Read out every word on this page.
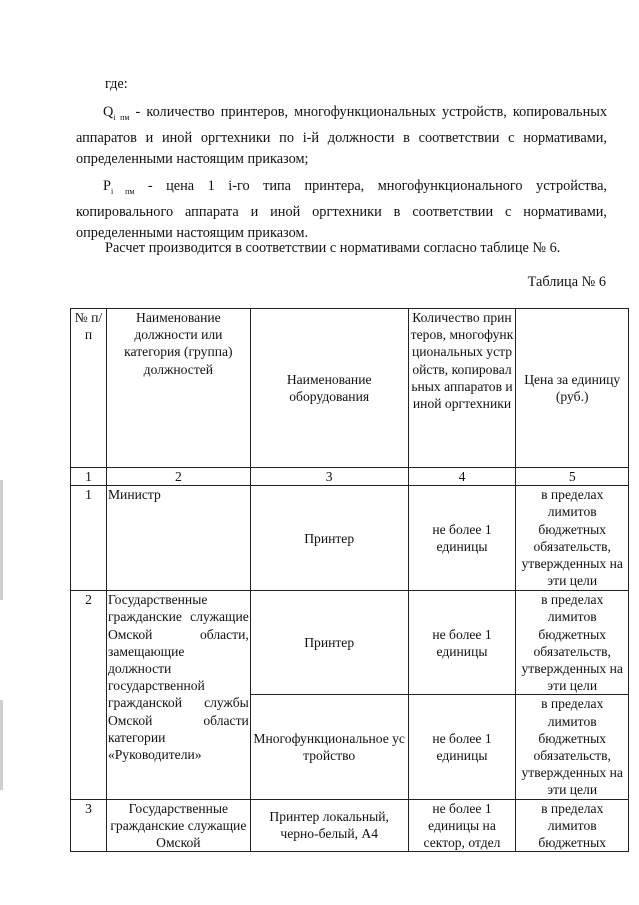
где:
$Q_{i пм}$ - количество принтеров, многофункциональных устройств, копировальных аппаратов и иной оргтехники по i-й должности в соответствии с нормативами, определенными настоящим приказом;
$P_{i пм}$ - цена 1 i-го типа принтера, многофункционального устройства, копировального аппарата и иной оргтехники в соответствии с нормативами, определенными настоящим приказом.
Расчет производится в соответствии с нормативами согласно таблице № 6.
Таблица № 6
№ п/п	Наименование должности или категория (группа) должностей	Наименование оборудования	Количество принтеров, многофункциональных устройств, копировальных аппаратов и иной оргтехники	Цена за единицу (руб.)
1	2	3	4	5
1	Министр	Принтер	не более 1 единицы	в пределах лимитов бюджетных обязательств, утвержденных на эти цели
2	Государственные гражданские служащие Омской области, замещающие должности государственной гражданской службы Омской области категории «Руководители»	Принтер	не более 1 единицы	в пределах лимитов бюджетных обязательств, утвержденных на эти цели
		Многофункциональное устройство	не более 1 единицы	в пределах лимитов бюджетных обязательств, утвержденных на эти цели
3	Государственные гражданские служащие Омской	Принтер локальный, черно-белый, А4	не более 1 единицы на сектор, отдел	в пределах лимитов бюджетных
